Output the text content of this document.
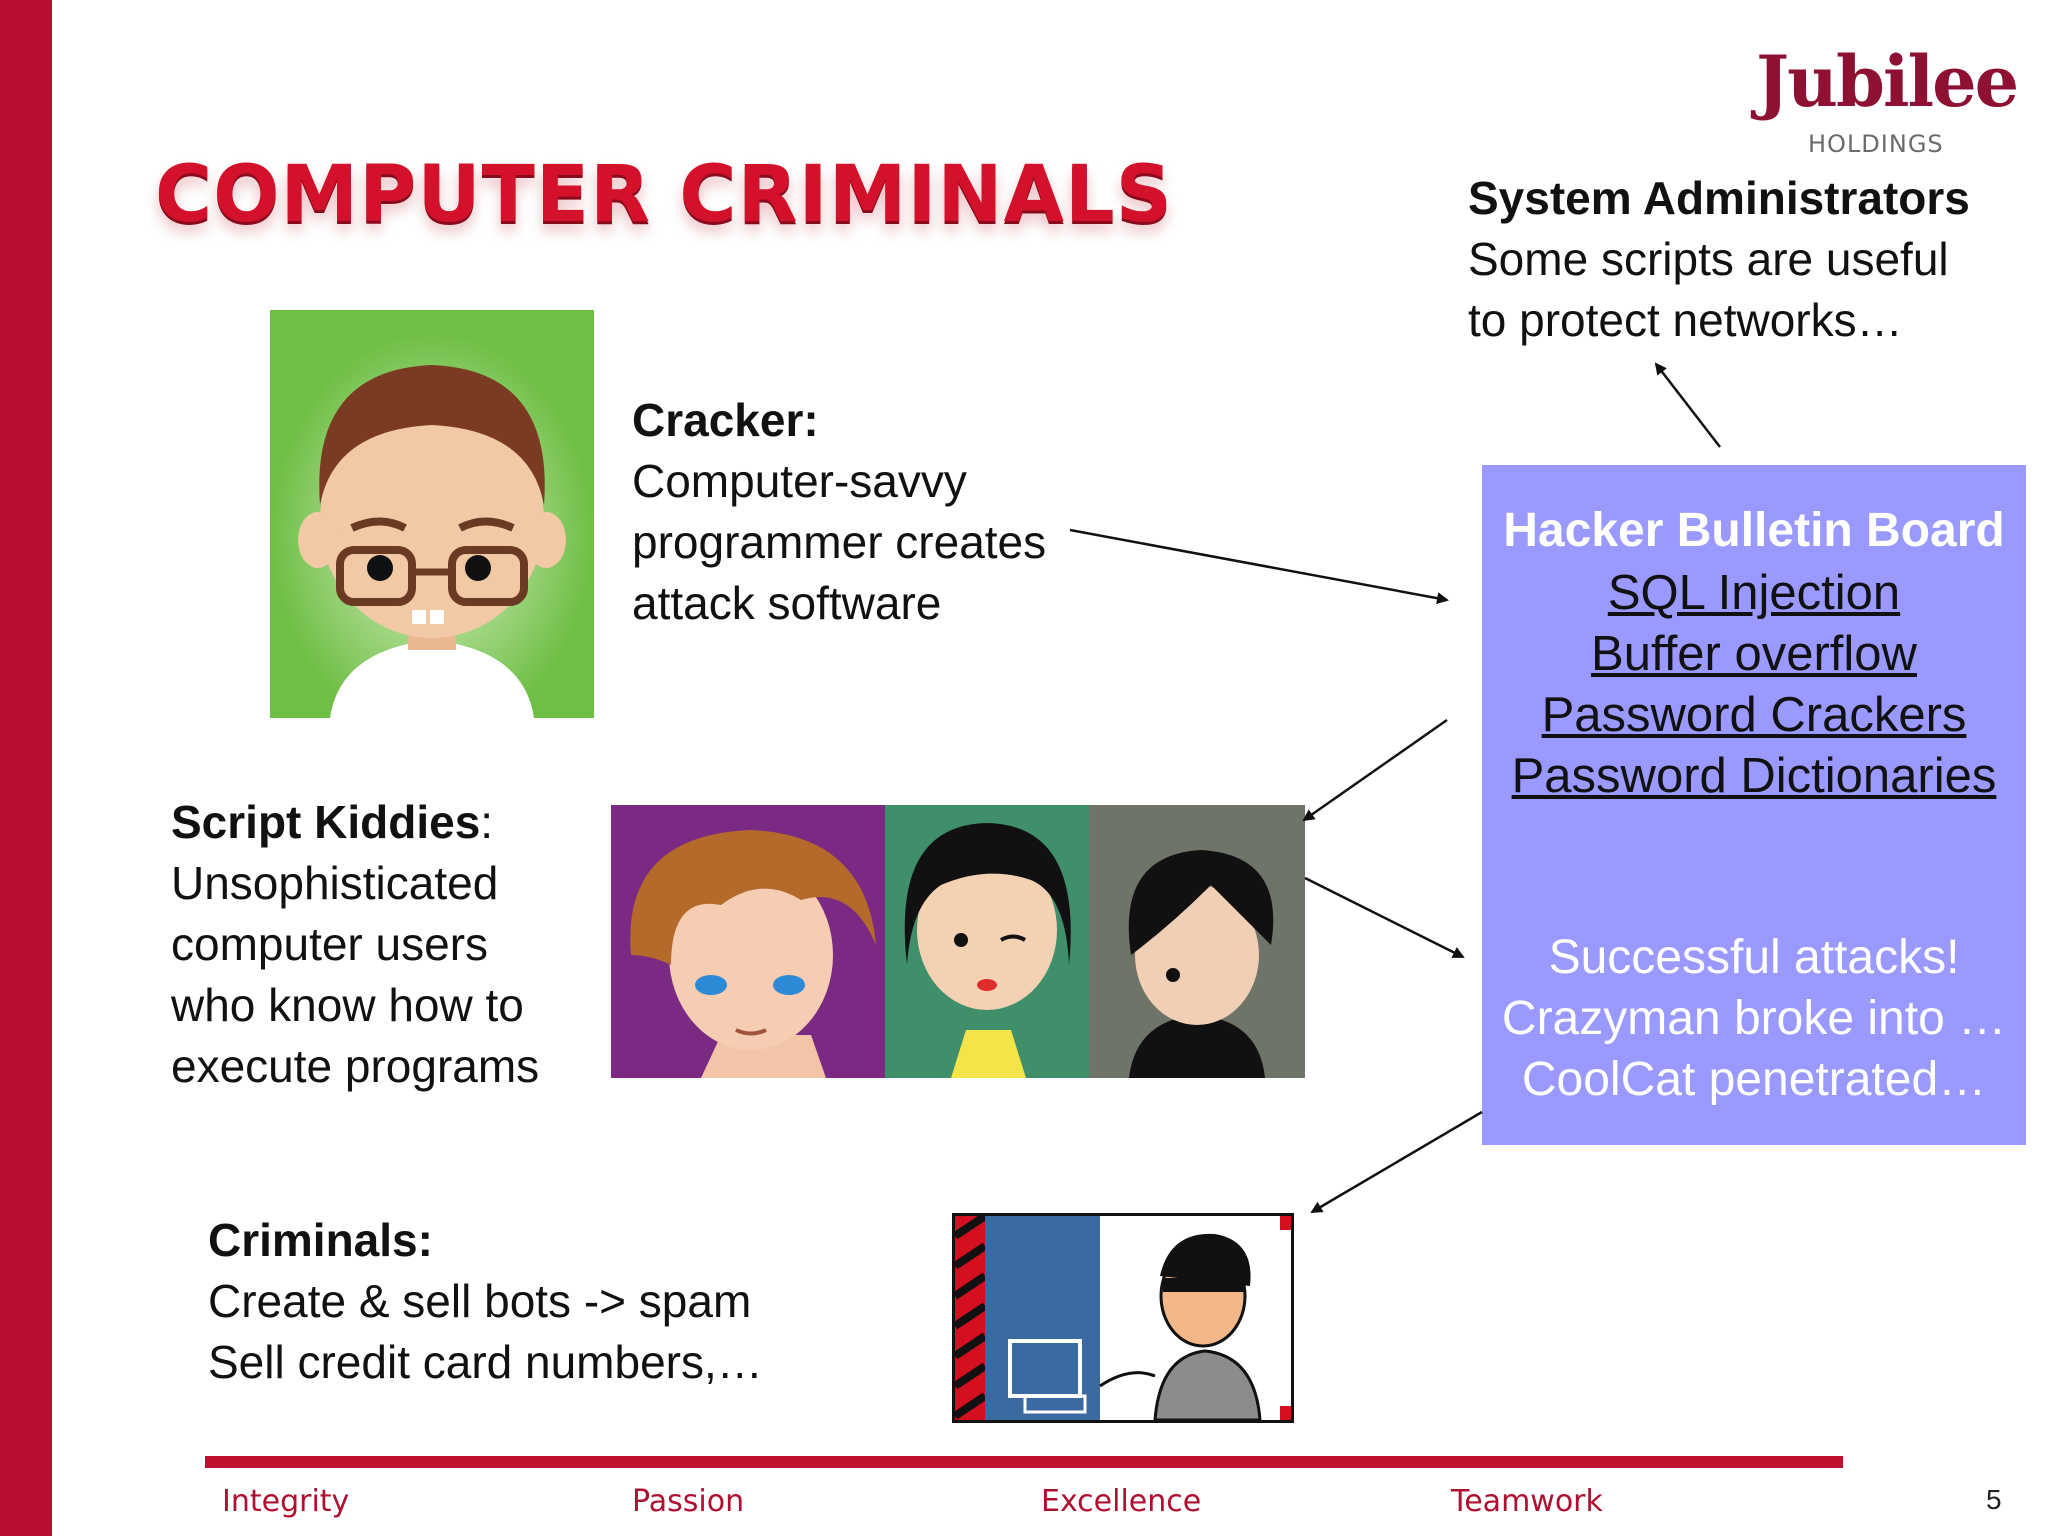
COMPUTER CRIMINALS
Jubilee
HOLDINGS
System Administrators
Some scripts are useful
to protect networks…
Cracker:
Computer-savvy
programmer creates
attack software
Script Kiddies:
Unsophisticated
computer users
who know how to
execute programs
Hacker Bulletin Board
SQL Injection
Buffer overflow
Password Crackers
Password Dictionaries
Successful attacks!
Crazyman broke into …
CoolCat penetrated…
Criminals:
Create & sell bots -> spam
Sell credit card numbers,…
Integrity	Passion	Excellence	Teamwork	5
